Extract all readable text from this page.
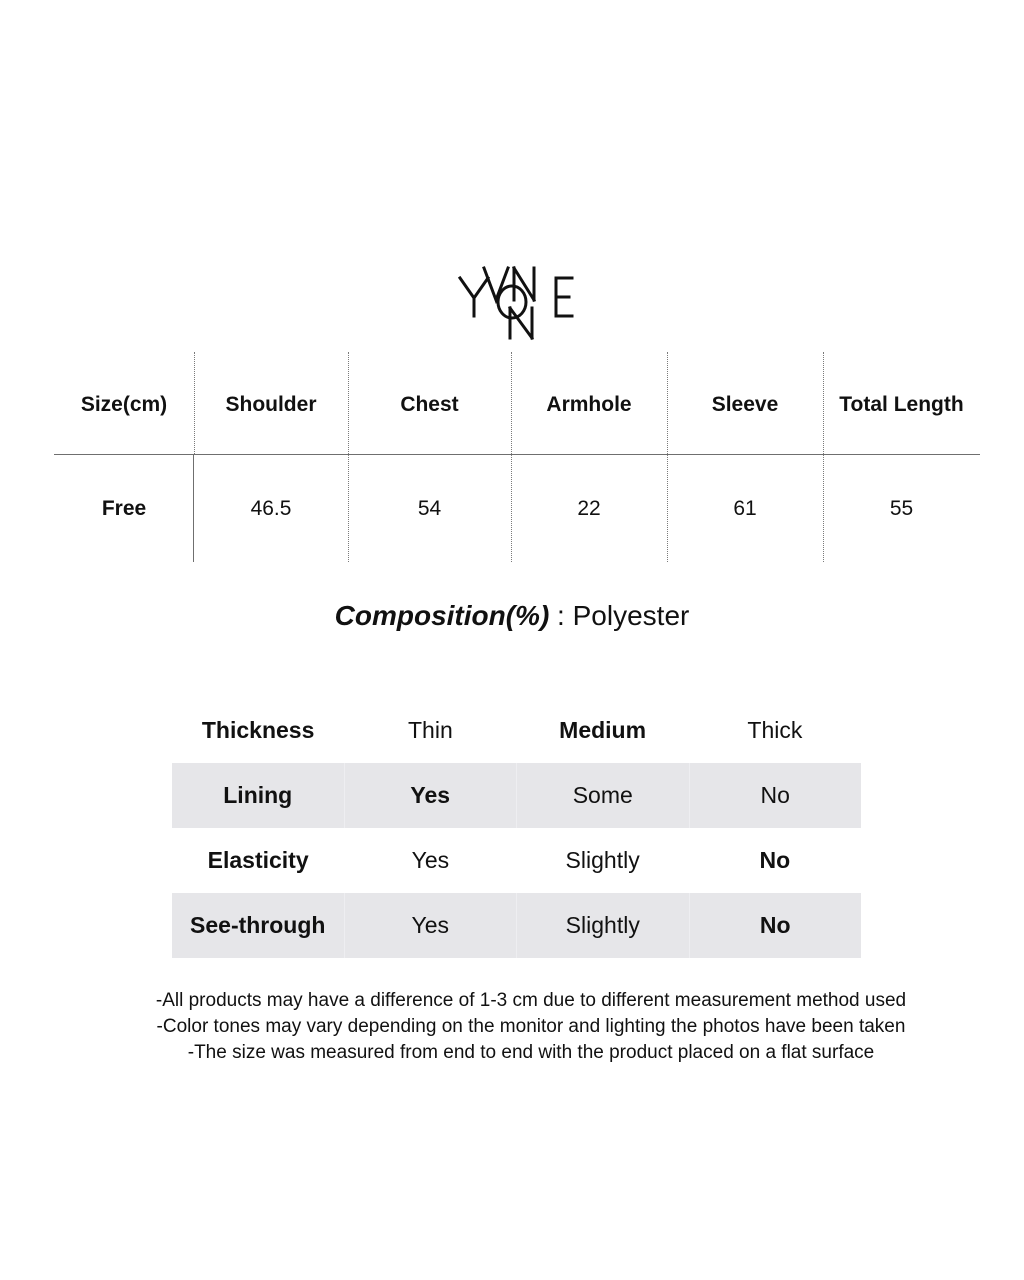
Size(cm)	Shoulder	Chest	Armhole	Sleeve	Total Length
Free	46.5	54	22	61	55
Composition(%) : Polyester
Thickness	Thin	Medium	Thick
Lining	Yes	Some	No
Elasticity	Yes	Slightly	No
See-through	Yes	Slightly	No
-All products may have a difference of 1-3 cm due to different measurement method used
-Color tones may vary depending on the monitor and lighting the photos have been taken
-The size was measured from end to end with the product placed on a flat surface
